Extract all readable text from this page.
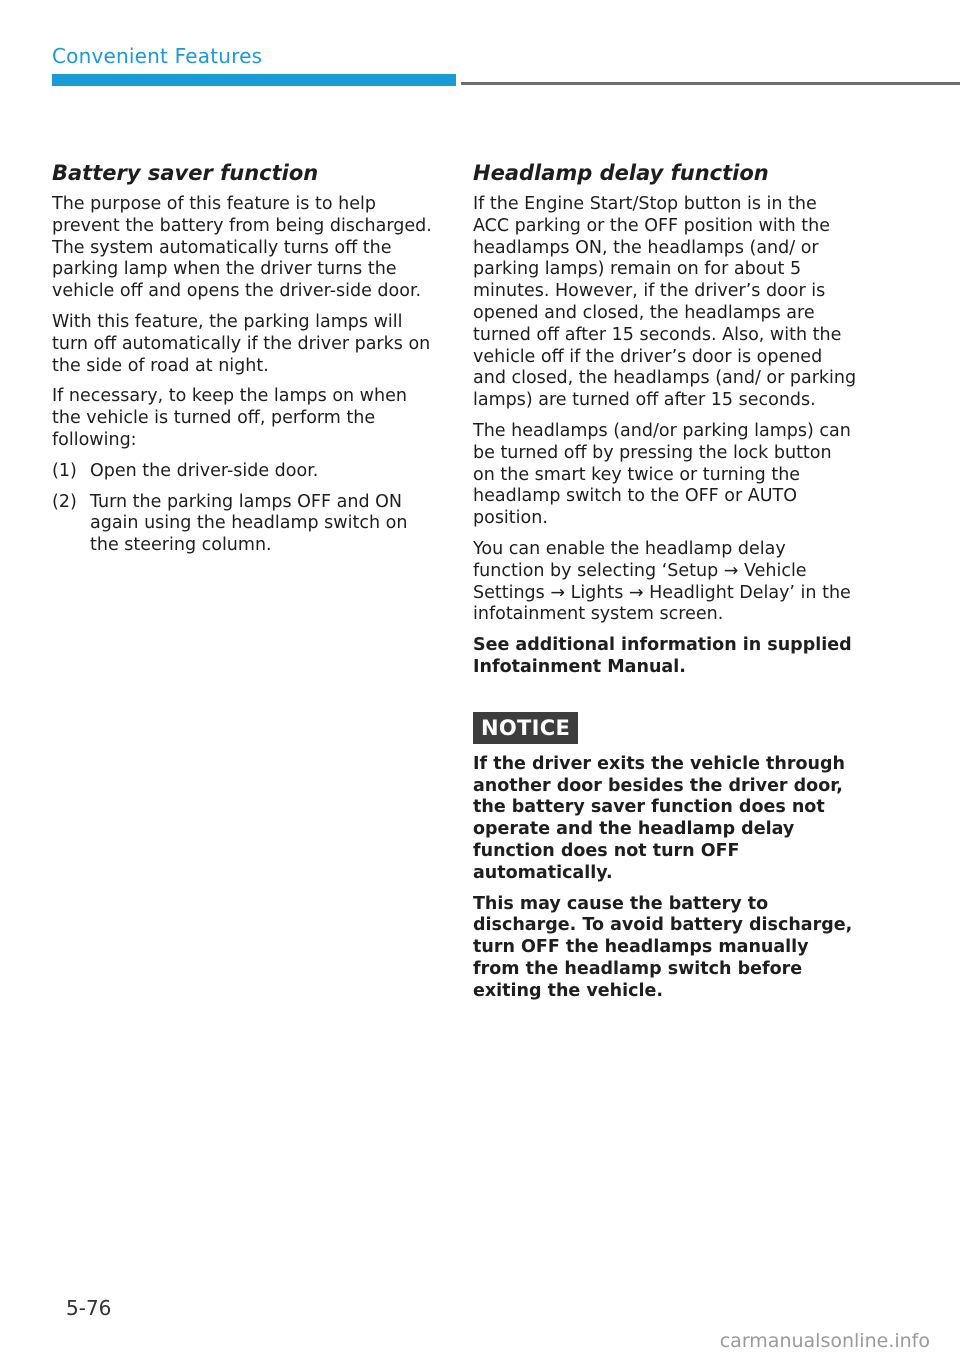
Convenient Features
Battery saver function

The purpose of this feature is to help prevent the battery from being discharged. The system automatically turns off the parking lamp when the driver turns the vehicle off and opens the driver-side door.

With this feature, the parking lamps will turn off automatically if the driver parks on the side of road at night.

If necessary, to keep the lamps on when the vehicle is turned off, perform the following:

(1) Open the driver-side door.
(2) Turn the parking lamps OFF and ON again using the headlamp switch on the steering column.
Headlamp delay function

If the Engine Start/Stop button is in the ACC parking or the OFF position with the headlamps ON, the headlamps (and/ or parking lamps) remain on for about 5 minutes. However, if the driver’s door is opened and closed, the headlamps are turned off after 15 seconds. Also, with the vehicle off if the driver’s door is opened and closed, the headlamps (and/ or parking lamps) are turned off after 15 seconds.

The headlamps (and/or parking lamps) can be turned off by pressing the lock button on the smart key twice or turning the headlamp switch to the OFF or AUTO position.

You can enable the headlamp delay function by selecting ‘Setup → Vehicle Settings → Lights → Headlight Delay’ in the infotainment system screen.

See additional information in supplied Infotainment Manual.

NOTICE

If the driver exits the vehicle through another door besides the driver door, the battery saver function does not operate and the headlamp delay function does not turn OFF automatically.

This may cause the battery to discharge. To avoid battery discharge, turn OFF the headlamps manually from the headlamp switch before exiting the vehicle.

5-76
carmanualsonline.info
